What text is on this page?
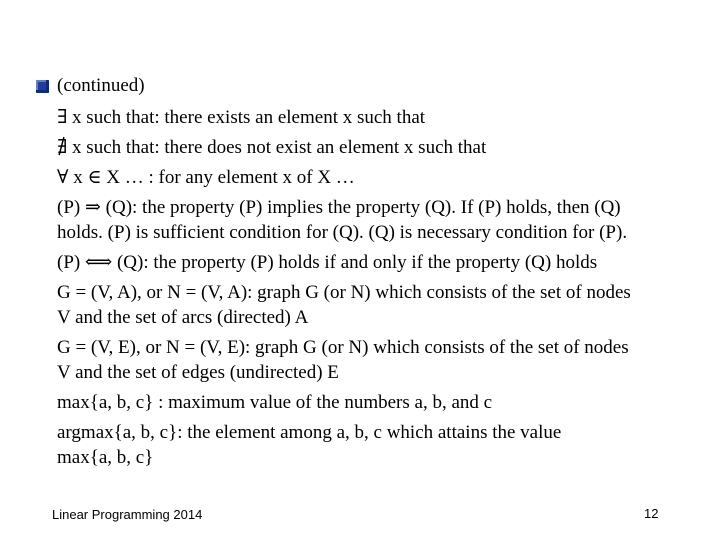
(continued)
∃ x such that: there exists an element x such that
∄ x such that: there does not exist an element x such that
∀ x ∈ X … : for any element x of X …
(P) ⇒ (Q): the property (P) implies the property (Q). If (P) holds, then (Q)
holds. (P) is sufficient condition for (Q). (Q) is necessary condition for (P).
(P) ⟺ (Q): the property (P) holds if and only if the property (Q) holds
G = (V, A), or N = (V, A): graph G (or N) which consists of the set of nodes
V and the set of arcs (directed) A
G = (V, E), or N = (V, E): graph G (or N) which consists of the set of nodes
V and the set of edges (undirected) E
max{a, b, c} : maximum value of the numbers a, b, and c
argmax{a, b, c}: the element among a, b, c which attains the value
max{a, b, c}
Linear Programming 2014	12
